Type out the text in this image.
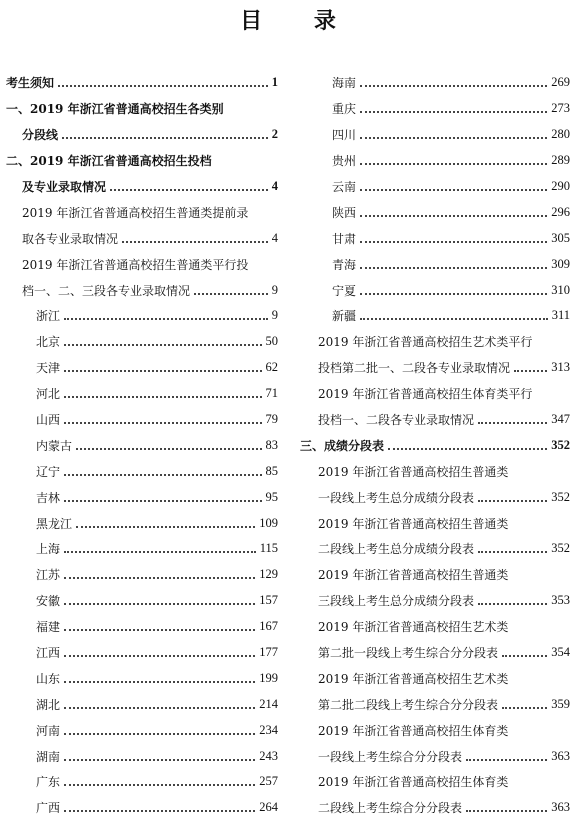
目 录
考生须知	1
一、2019 年浙江省普通高校招生各类别
分段线	2
二、2019 年浙江省普通高校招生投档
及专业录取情况	4
2019 年浙江省普通高校招生普通类提前录
取各专业录取情况	4
2019 年浙江省普通高校招生普通类平行投
档一、二、三段各专业录取情况	9
浙江	9
北京	50
天津	62
河北	71
山西	79
内蒙古	83
辽宁	85
吉林	95
黑龙江	109
上海	115
江苏	129
安徽	157
福建	167
江西	177
山东	199
湖北	214
河南	234
湖南	243
广东	257
广西	264
海南	269
重庆	273
四川	280
贵州	289
云南	290
陕西	296
甘肃	305
青海	309
宁夏	310
新疆	311
2019 年浙江省普通高校招生艺术类平行
投档第二批一、二段各专业录取情况	313
2019 年浙江省普通高校招生体育类平行
投档一、二段各专业录取情况	347
三、成绩分段表	352
2019 年浙江省普通高校招生普通类
一段线上考生总分成绩分段表	352
2019 年浙江省普通高校招生普通类
二段线上考生总分成绩分段表	352
2019 年浙江省普通高校招生普通类
三段线上考生总分成绩分段表	353
2019 年浙江省普通高校招生艺术类
第二批一段线上考生综合分分段表	354
2019 年浙江省普通高校招生艺术类
第二批二段线上考生综合分分段表	359
2019 年浙江省普通高校招生体育类
一段线上考生综合分分段表	363
2019 年浙江省普通高校招生体育类
二段线上考生综合分分段表	363
